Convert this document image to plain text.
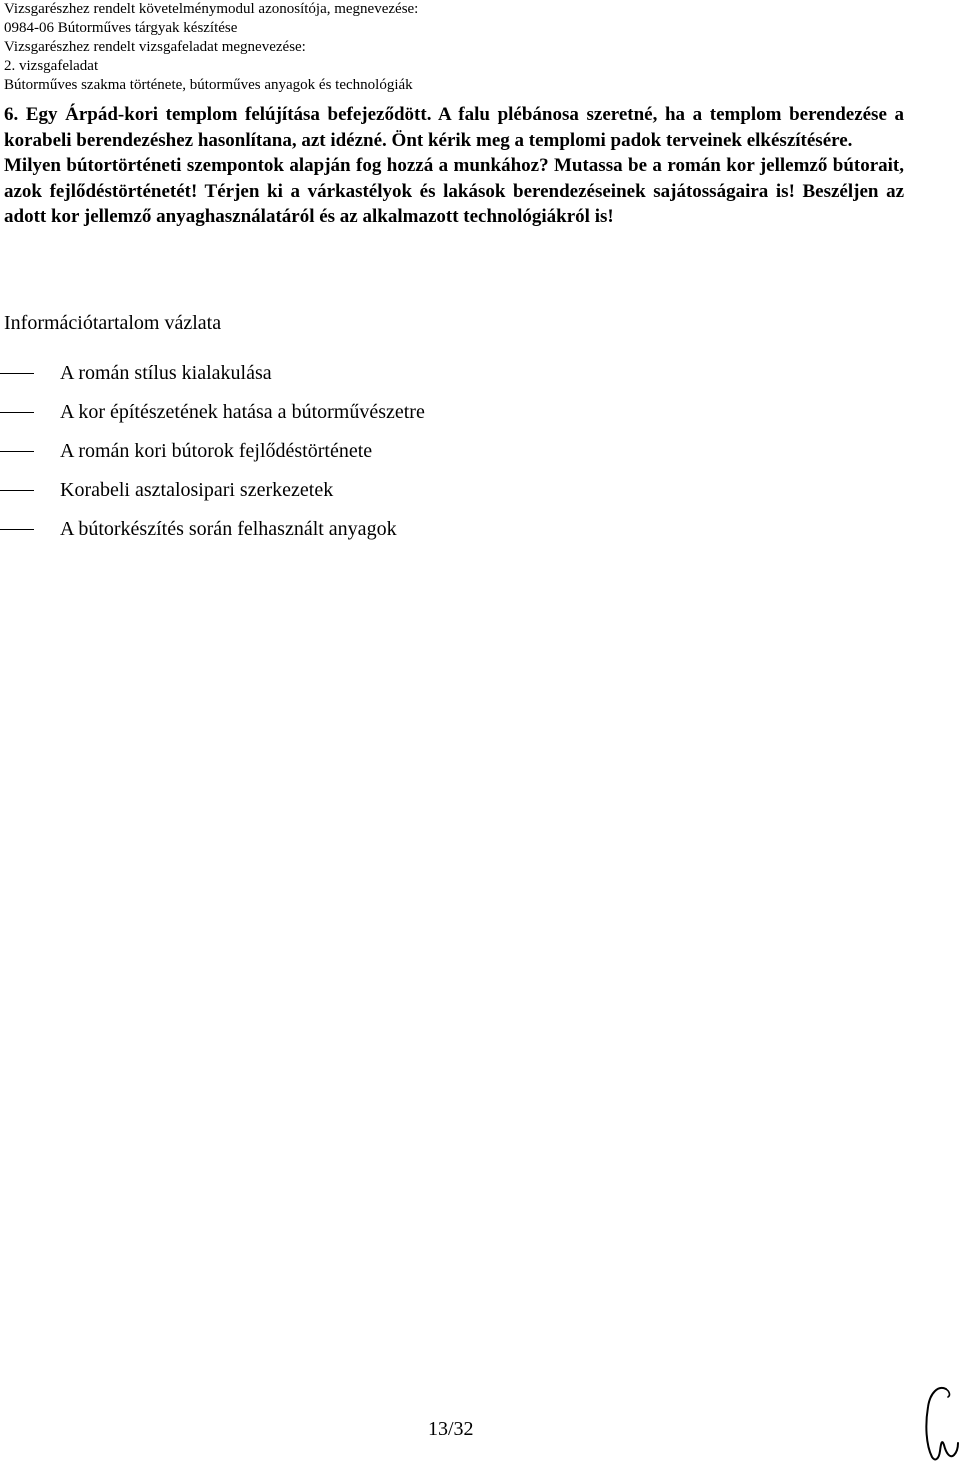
Vizsgarészhez rendelt követelménymodul azonosítója, megnevezése:
0984-06 Bútorműves tárgyak készítése
Vizsgarészhez rendelt vizsgafeladat megnevezése:
2. vizsgafeladat
Bútorműves szakma története, bútorműves anyagok és technológiák

6. Egy Árpád-kori templom felújítása befejeződött. A falu plébánosa szeretné, ha a templom berendezése a korabeli berendezéshez hasonlítana, azt idézné. Önt kérik meg a templomi padok terveinek elkészítésére.

Milyen bútortörténeti szempontok alapján fog hozzá a munkához? Mutassa be a román kor jellemző bútorait, azok fejlődéstörténetét! Térjen ki a várkastélyok és lakások berendezéseinek sajátosságaira is! Beszéljen az adott kor jellemző anyaghasználatáról és az alkalmazott technológiákról is!

Információtartalom vázlata
A román stílus kialakulása
A kor építészetének hatása a bútorművészetre
A román kori bútorok fejlődéstörténete
Korabeli asztalosipari szerkezetek
A bútorkészítés során felhasznált anyagok
13/32
